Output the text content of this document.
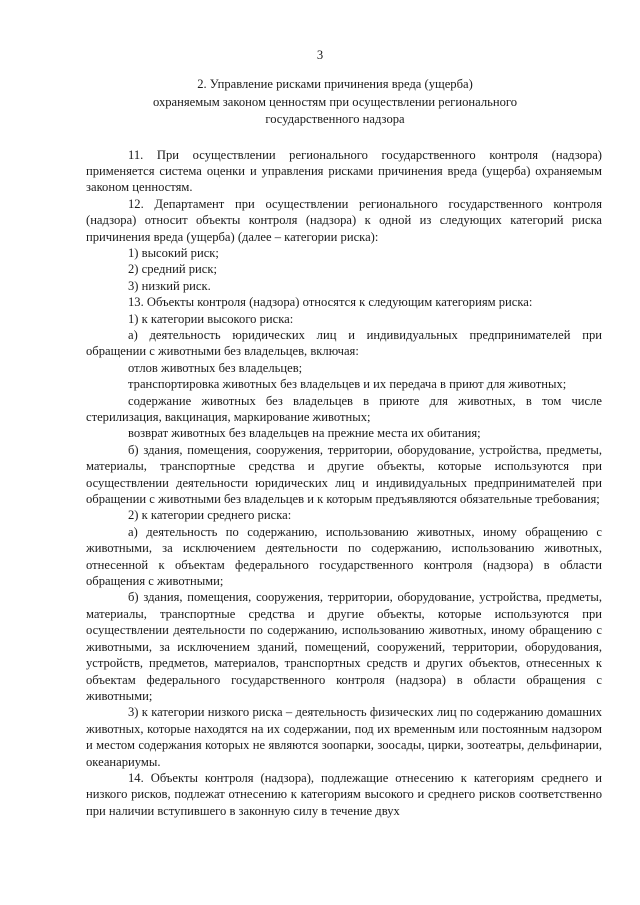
3
2. Управление рисками причинения вреда (ущерба)
охраняемым законом ценностям при осуществлении регионального
государственного надзора

11. При осуществлении регионального государственного контроля (надзора) применяется система оценки и управления рисками причинения вреда (ущерба) охраняемым законом ценностям.

12. Департамент при осуществлении регионального государственного контроля (надзора) относит объекты контроля (надзора) к одной из следующих категорий риска причинения вреда (ущерба) (далее – категории риска):

1) высокий риск;

2) средний риск;

3) низкий риск.

13. Объекты контроля (надзора) относятся к следующим категориям риска:

1) к категории высокого риска:

а) деятельность юридических лиц и индивидуальных предпринимателей при обращении с животными без владельцев, включая:

отлов животных без владельцев;

транспортировка животных без владельцев и их передача в приют для животных;

содержание животных без владельцев в приюте для животных, в том числе стерилизация, вакцинация, маркирование животных;

возврат животных без владельцев на прежние места их обитания;

б) здания, помещения, сооружения, территории, оборудование, устройства, предметы, материалы, транспортные средства и другие объекты, которые используются при осуществлении деятельности юридических лиц и индивидуальных предпринимателей при обращении с животными без владельцев и к которым предъявляются обязательные требования;

2) к категории среднего риска:

а) деятельность по содержанию, использованию животных, иному обращению с животными, за исключением деятельности по содержанию, использованию животных, отнесенной к объектам федерального государственного контроля (надзора) в области обращения с животными;

б) здания, помещения, сооружения, территории, оборудование, устройства, предметы, материалы, транспортные средства и другие объекты, которые используются при осуществлении деятельности по содержанию, использованию животных, иному обращению с животными, за исключением зданий, помещений, сооружений, территории, оборудования, устройств, предметов, материалов, транспортных средств и других объектов, отнесенных к объектам федерального государственного контроля (надзора) в области обращения с животными;

3) к категории низкого риска – деятельность физических лиц по содержанию домашних животных, которые находятся на их содержании, под их временным или постоянным надзором и местом содержания которых не являются зоопарки, зоосады, цирки, зоотеатры, дельфинарии, океанариумы.

14. Объекты контроля (надзора), подлежащие отнесению к категориям среднего и низкого рисков, подлежат отнесению к категориям высокого и среднего рисков соответственно при наличии вступившего в законную силу в течение двух
